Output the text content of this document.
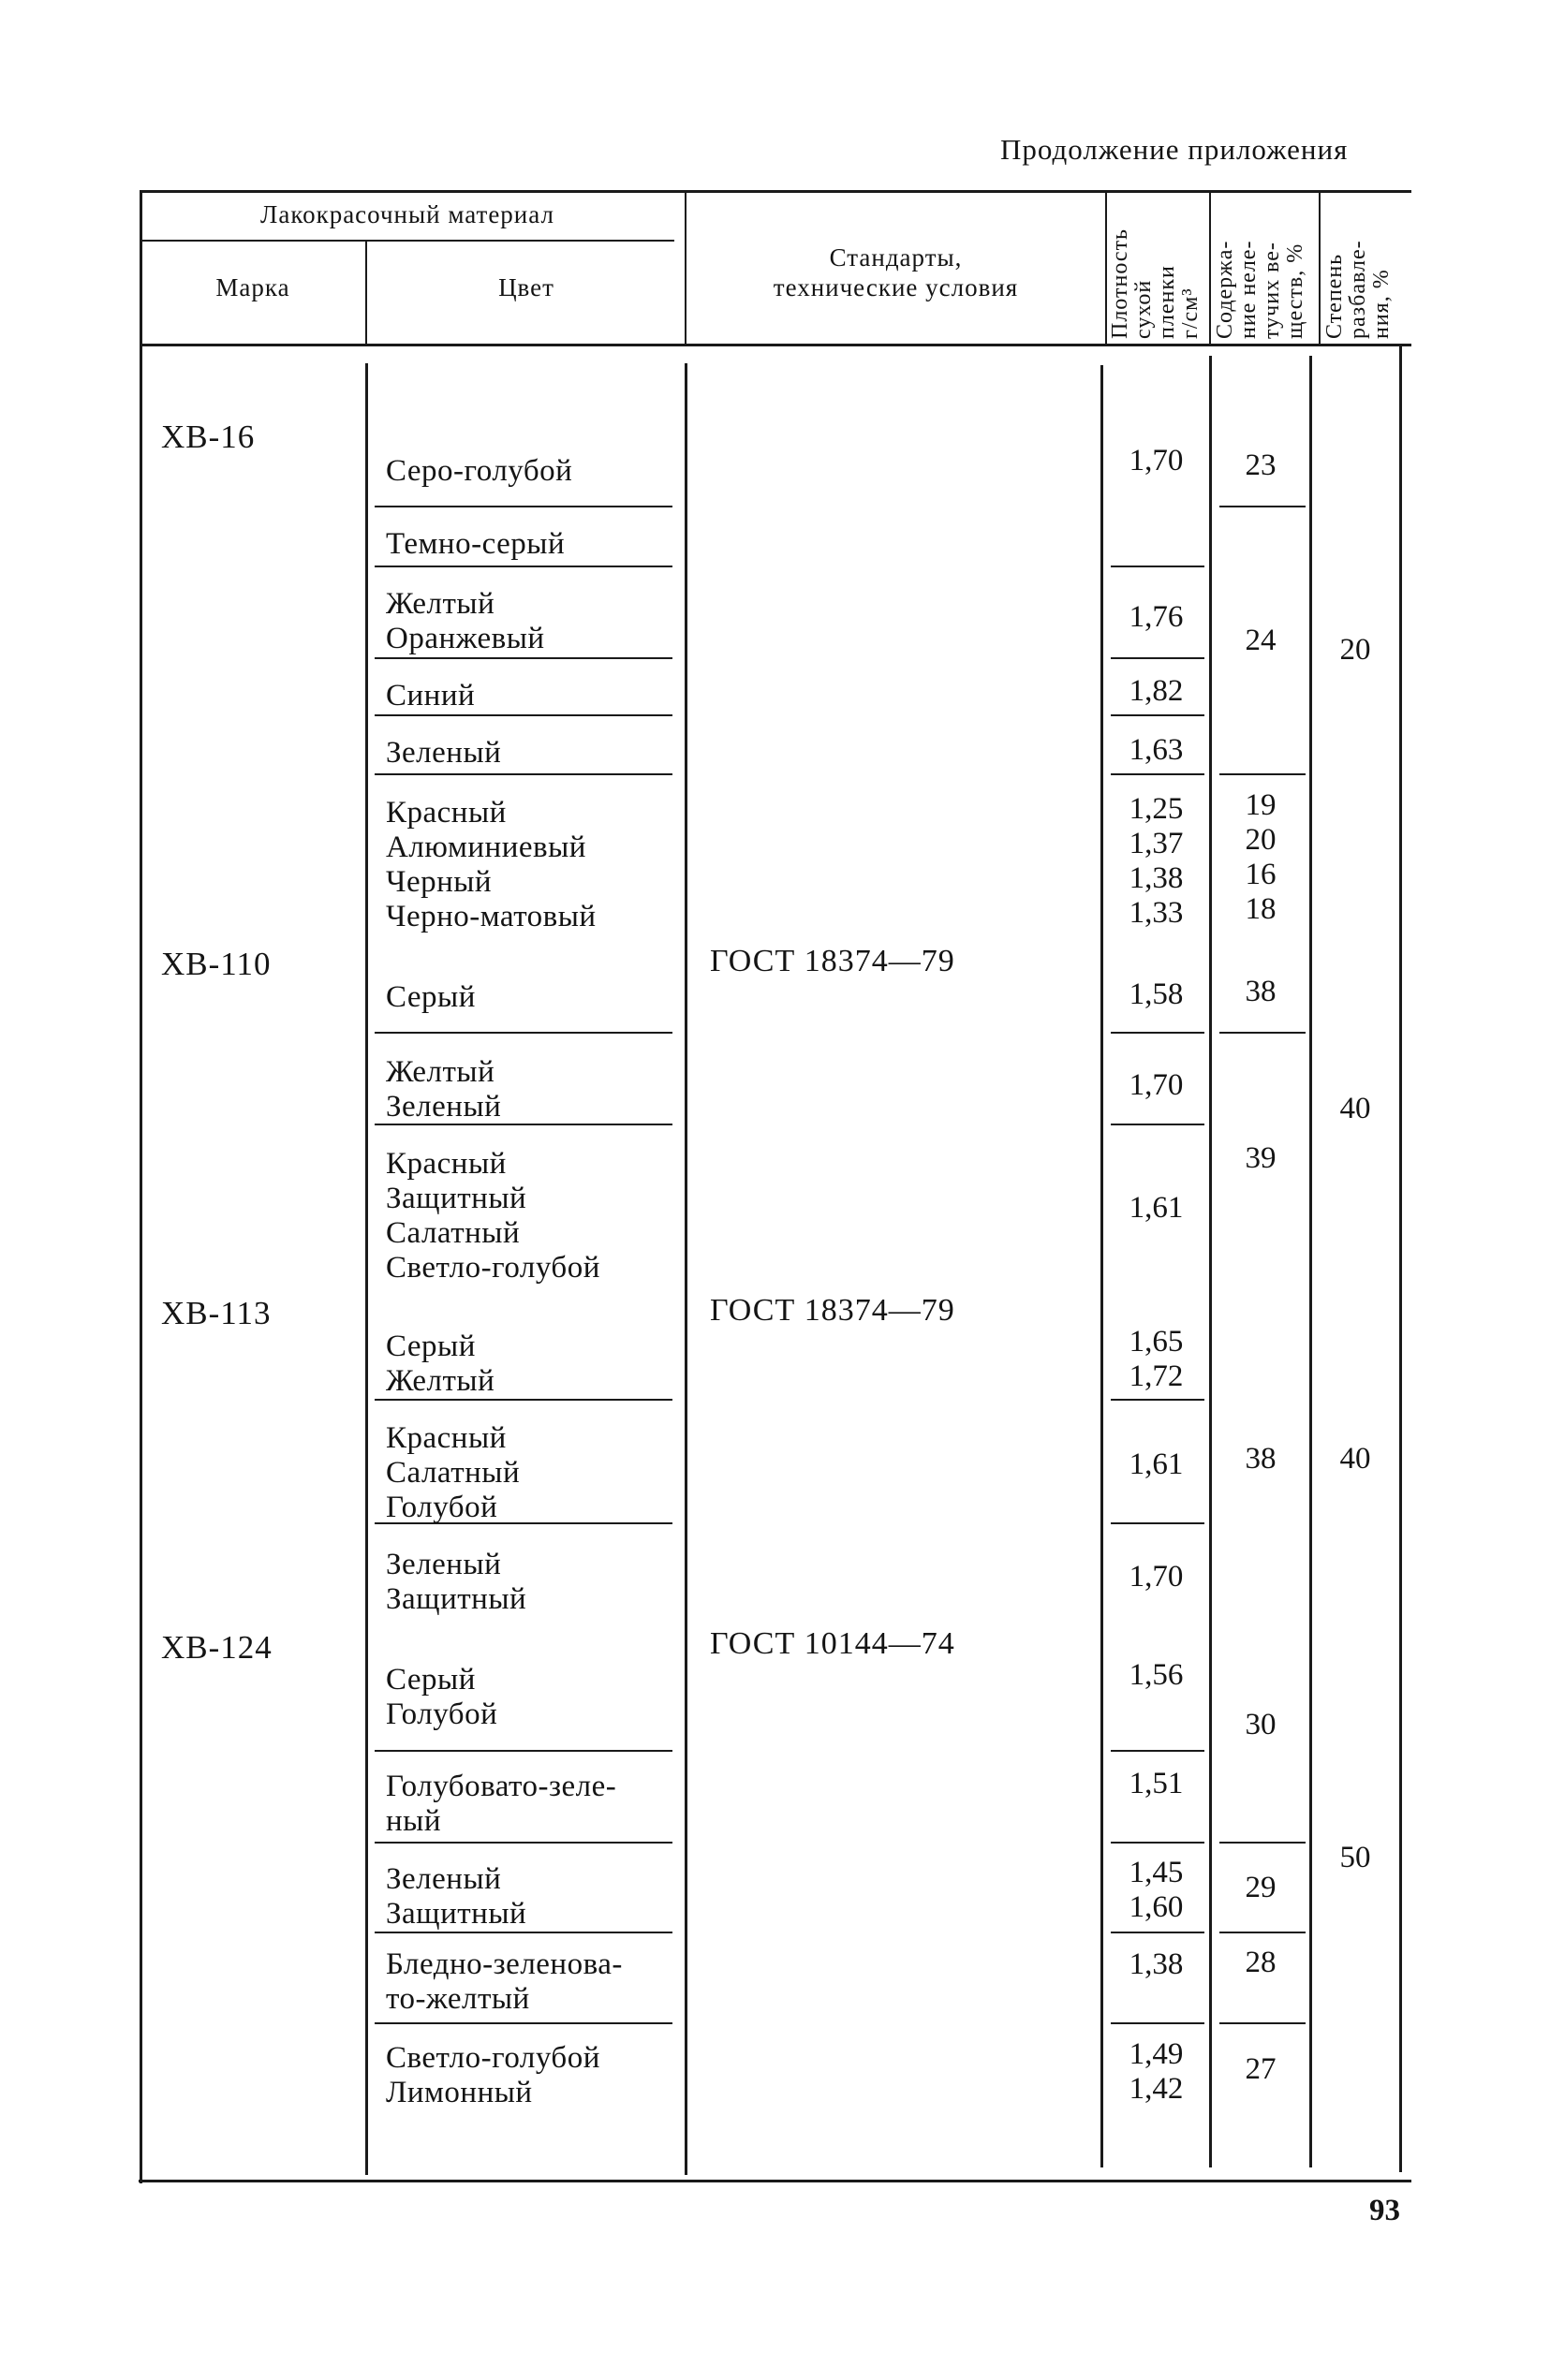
Продолжение приложения
Лакокрасочный материал
Марка	Цвет
Стандарты,
технические условия	Плотность сухой пленки г/см³ Содержа- ние неле- тучих ве- ществ, % Степень разбавле- ния, %
ХВ-16
ХВ-110
ХВ-113
ХВ-124
ГОСТ 18374—79
ГОСТ 18374—79
ГОСТ 10144—74
Серо-голубой
Темно-серый
Желтый
Оранжевый
Синий
Зеленый
Красный
Алюминиевый
Черный
Черно-матовый
Серый
Желтый
Зеленый
Красный
Защитный
Салатный
Светло-голубой
Серый
Желтый
Красный
Салатный
Голубой
Зеленый
Защитный
Серый
Голубой
Голубовато-зеле-
ный
Зеленый
Защитный
Бледно-зеленова-
то-желтый
Светло-голубой
Лимонный
1,70
1,76
1,82
1,63
1,25
1,37
1,38
1,33
1,58
1,70
1,61
1,65
1,72
1,61
1,70
1,56
1,51
1,45
1,60
1,38
1,49
1,42
23
24
19
20
16
18
38
39
38
30
29
28
27
20
40
40
50
93
